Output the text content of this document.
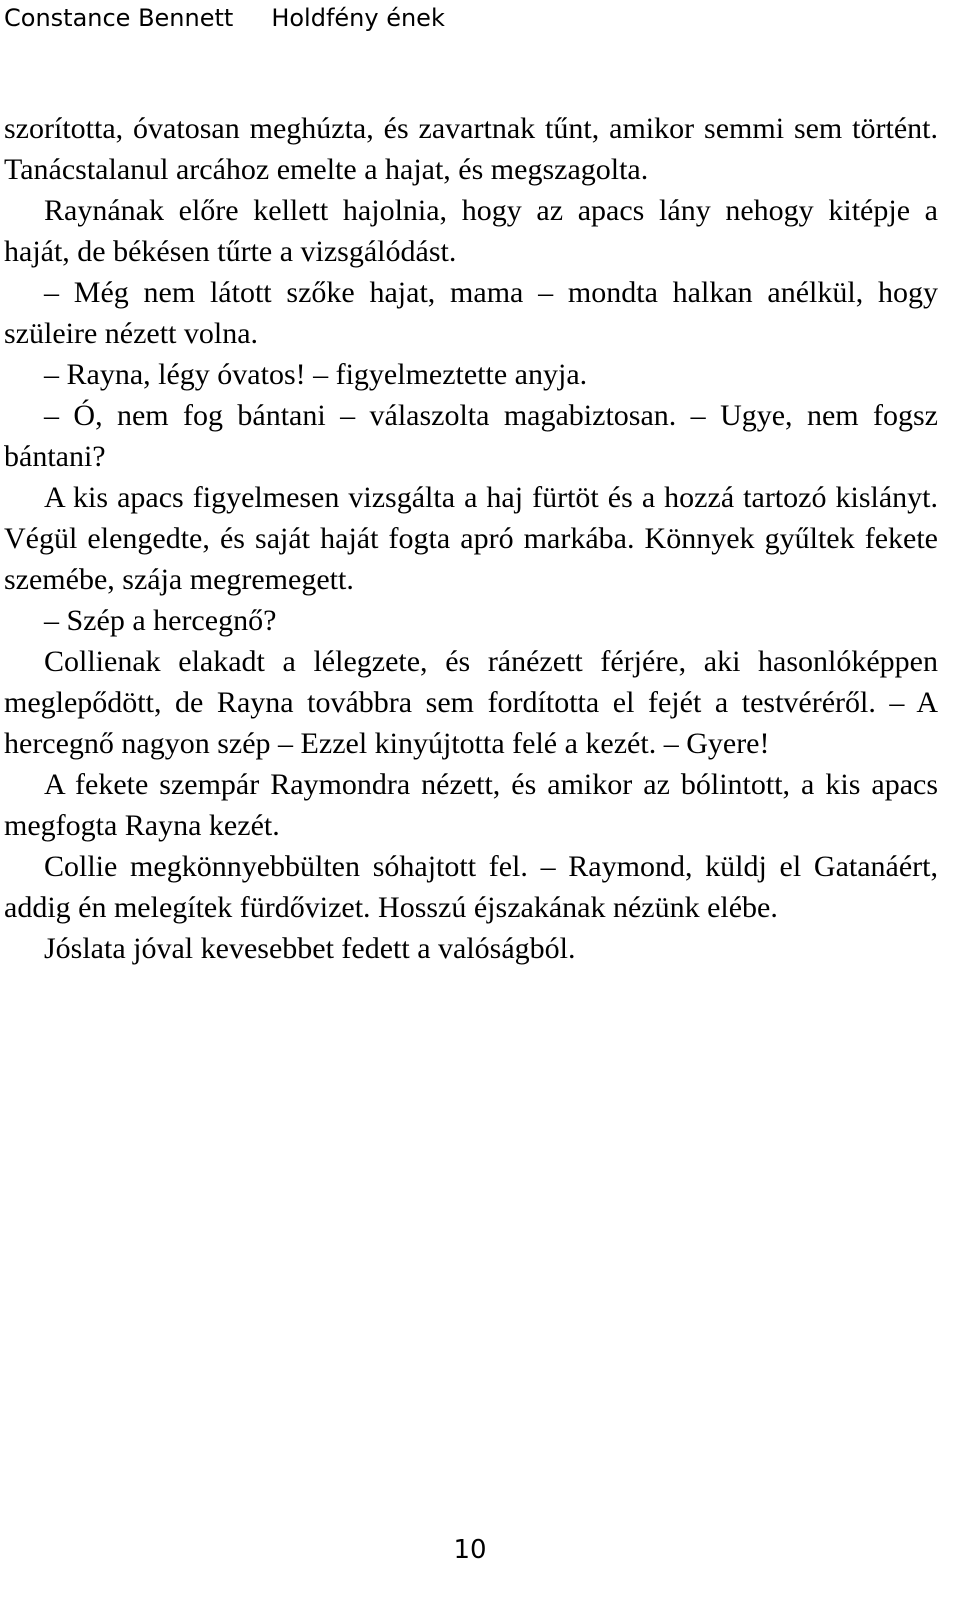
Constance Bennett Holdfény ének

szorította, óvatosan meghúzta, és zavartnak tűnt, amikor semmi sem történt. Tanácstalanul arcához emelte a hajat, és megszagolta.

Raynának előre kellett hajolnia, hogy az apacs lány nehogy kitépje a haját, de békésen tűrte a vizsgálódást.

– Még nem látott szőke hajat, mama – mondta halkan anélkül, hogy szüleire nézett volna.

– Rayna, légy óvatos! – figyelmeztette anyja.

– Ó, nem fog bántani – válaszolta magabiztosan. – Ugye, nem fogsz bántani?

A kis apacs figyelmesen vizsgálta a haj fürtöt és a hozzá tartozó kislányt. Végül elengedte, és saját haját fogta apró markába. Könnyek gyűltek fekete szemébe, szája megremegett.

– Szép a hercegnő?

Collienak elakadt a lélegzete, és ránézett férjére, aki hasonlóképpen meglepődött, de Rayna továbbra sem fordította el fejét a testvéréről. – A hercegnő nagyon szép – Ezzel kinyújtotta felé a kezét. – Gyere!

A fekete szempár Raymondra nézett, és amikor az bólintott, a kis apacs megfogta Rayna kezét.

Collie megkönnyebbülten sóhajtott fel. – Raymond, küldj el Gatanáért, addig én melegítek fürdővizet. Hosszú éjszakának nézünk elébe.

Jóslata jóval kevesebbet fedett a valóságból.

10
